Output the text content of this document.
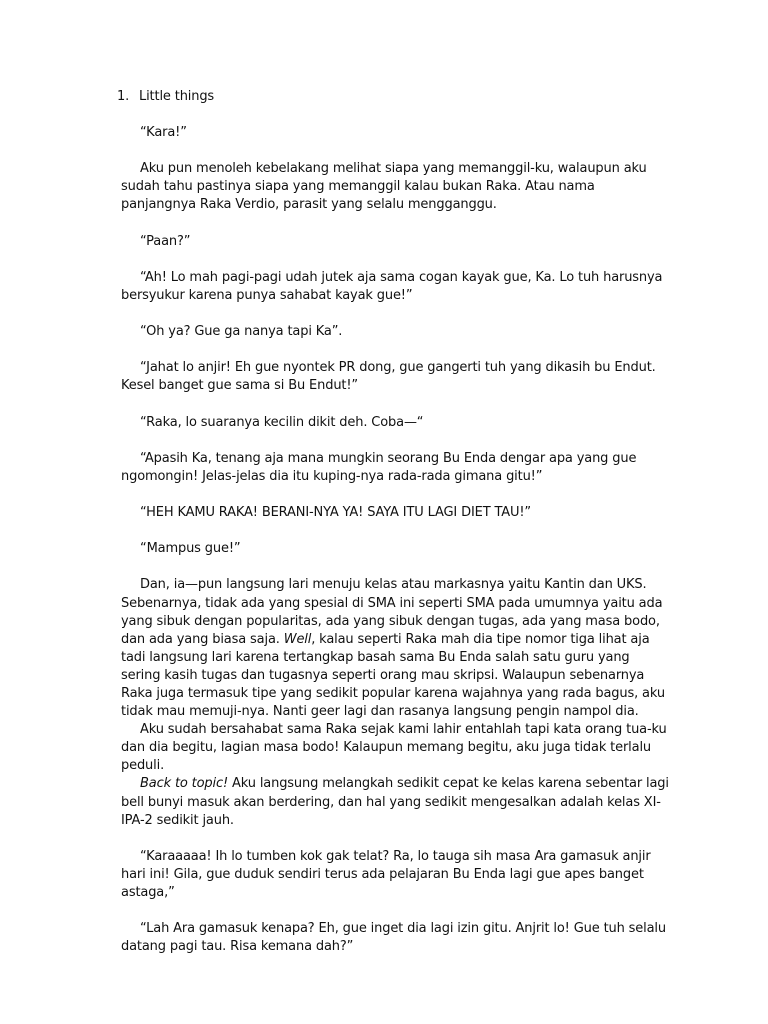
1. Little things

“Kara!”

Aku pun menoleh kebelakang melihat siapa yang memanggil-ku, walaupun aku sudah tahu pastinya siapa yang memanggil kalau bukan Raka. Atau nama panjangnya Raka Verdio, parasit yang selalu mengganggu.

“Paan?”

“Ah! Lo mah pagi-pagi udah jutek aja sama cogan kayak gue, Ka. Lo tuh harusnya bersyukur karena punya sahabat kayak gue!”

“Oh ya? Gue ga nanya tapi Ka”.

“Jahat lo anjir! Eh gue nyontek PR dong, gue gangerti tuh yang dikasih bu Endut. Kesel banget gue sama si Bu Endut!”

“Raka, lo suaranya kecilin dikit deh. Coba—“

“Apasih Ka, tenang aja mana mungkin seorang Bu Enda dengar apa yang gue ngomongin! Jelas-jelas dia itu kuping-nya rada-rada gimana gitu!”

“HEH KAMU RAKA! BERANI-NYA YA! SAYA ITU LAGI DIET TAU!”

“Mampus gue!”

Dan, ia—pun langsung lari menuju kelas atau markasnya yaitu Kantin dan UKS. Sebenarnya, tidak ada yang spesial di SMA ini seperti SMA pada umumnya yaitu ada yang sibuk dengan popularitas, ada yang sibuk dengan tugas, ada yang masa bodo, dan ada yang biasa saja. Well, kalau seperti Raka mah dia tipe nomor tiga lihat aja tadi langsung lari karena tertangkap basah sama Bu Enda salah satu guru yang sering kasih tugas dan tugasnya seperti orang mau skripsi. Walaupun sebenarnya Raka juga termasuk tipe yang sedikit popular karena wajahnya yang rada bagus, aku tidak mau memuji-nya. Nanti geer lagi dan rasanya langsung pengin nampol dia.

Aku sudah bersahabat sama Raka sejak kami lahir entahlah tapi kata orang tua-ku dan dia begitu, lagian masa bodo! Kalaupun memang begitu, aku juga tidak terlalu peduli.

Back to topic! Aku langsung melangkah sedikit cepat ke kelas karena sebentar lagi bell bunyi masuk akan berdering, dan hal yang sedikit mengesalkan adalah kelas XI-IPA-2 sedikit jauh.

“Karaaaaa! Ih lo tumben kok gak telat? Ra, lo tauga sih masa Ara gamasuk anjir hari ini! Gila, gue duduk sendiri terus ada pelajaran Bu Enda lagi gue apes banget astaga,”

“Lah Ara gamasuk kenapa? Eh, gue inget dia lagi izin gitu. Anjrit lo! Gue tuh selalu datang pagi tau. Risa kemana dah?”
